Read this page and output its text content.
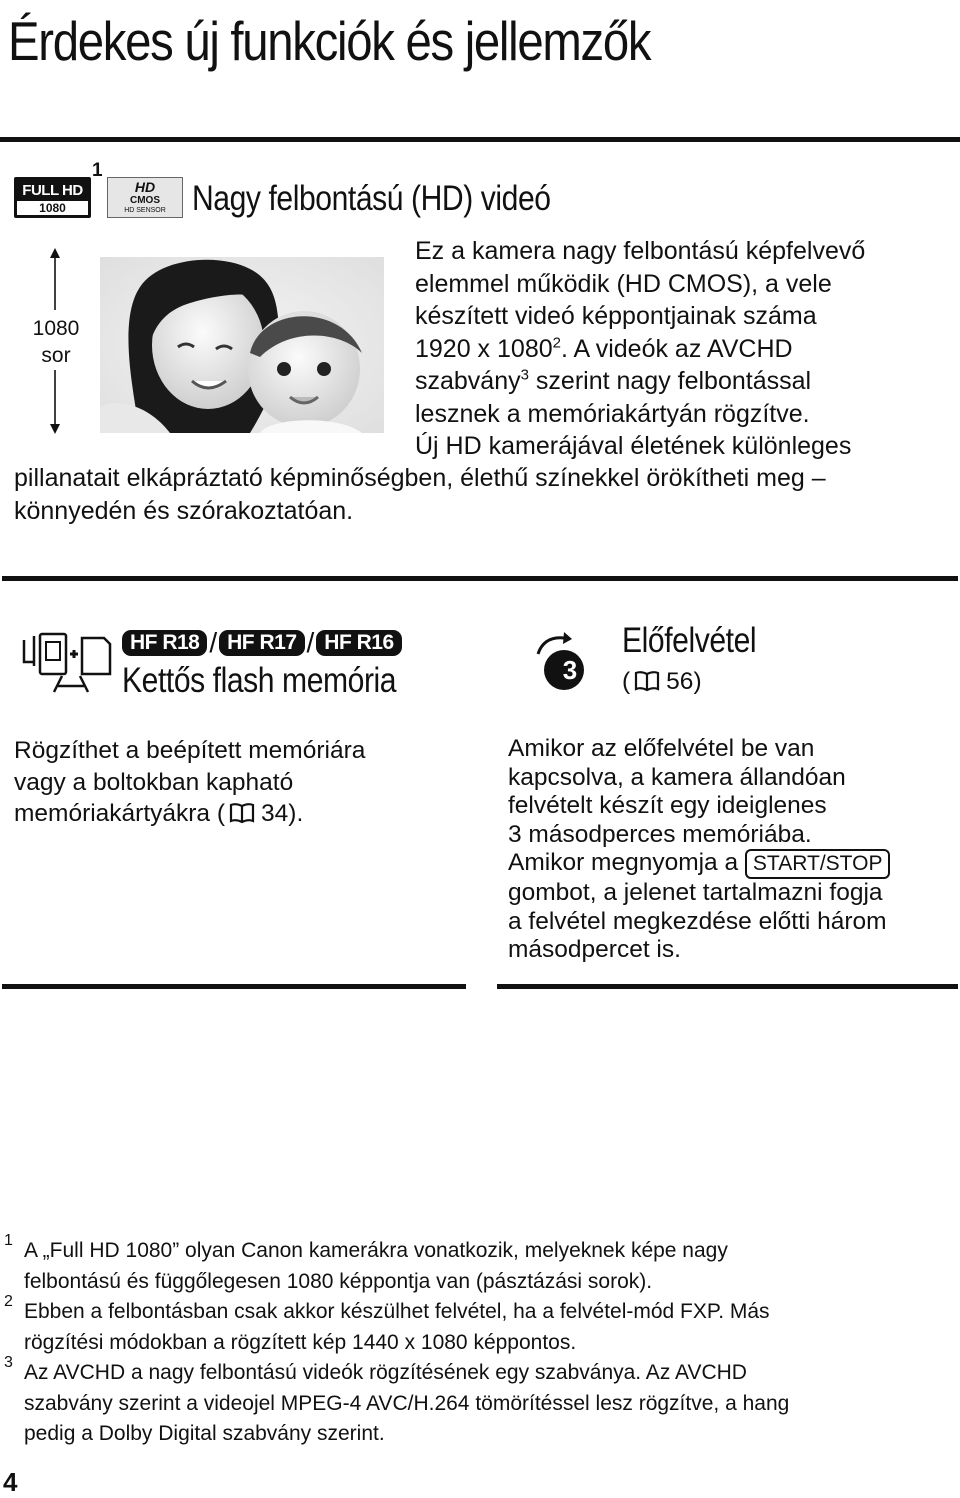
Érdekes új funkciók és jellemzők
FULL HD
1080
1
HD
CMOS
HD SENSOR Nagy felbontású (HD) videó
1080
sor
Ez a kamera nagy felbontású képfelvevő
elemmel működik (HD CMOS), a vele
készített videó képpontjainak száma
1920 x 1080$^2$. A videók az AVCHD
szabvány$^3$ szerint nagy felbontással
lesznek a memóriakártyán rögzítve.
Új HD kamerájával életének különleges
pillanatait elkápráztató képminőségben, élethű színekkel örökítheti meg –
könnyedén és szórakoztatóan.
HF R18 / HF R17 / HF R16
Kettős flash memória
Rögzíthet a beépített memóriára
vagy a boltokban kapható
memóriakártyákra ( 34).
3
Előfelvétel
( 56)
Amikor az előfelvétel be van
kapcsolva, a kamera állandóan
felvételt készít egy ideiglenes
3 másodperces memóriába.
Amikor megnyomja a START/STOP
gombot, a jelenet tartalmazni fogja
a felvétel megkezdése előtti három
másodpercet is.
1 A „Full HD 1080” olyan Canon kamerákra vonatkozik, melyeknek képe nagy
felbontású és függőlegesen 1080 képpontja van (pásztázási sorok).
2 Ebben a felbontásban csak akkor készülhet felvétel, ha a felvétel-mód FXP. Más
rögzítési módokban a rögzített kép 1440 x 1080 képpontos.
3 Az AVCHD a nagy felbontású videók rögzítésének egy szabványa. Az AVCHD
szabvány szerint a videojel MPEG-4 AVC/H.264 tömörítéssel lesz rögzítve, a hang
pedig a Dolby Digital szabvány szerint.
4
